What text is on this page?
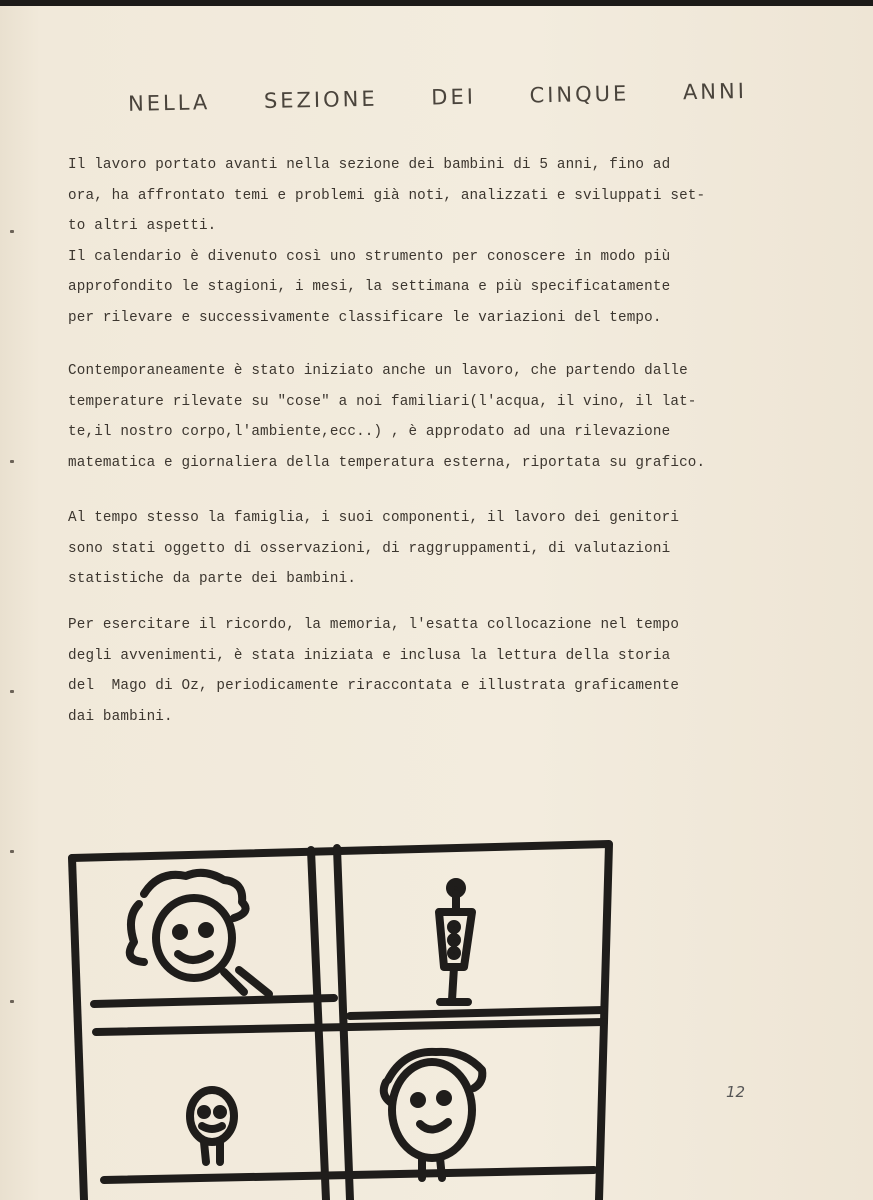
NELLA SEZIONE DEI CINQUE ANNI
Il lavoro portato avanti nella sezione dei bambini di 5 anni, fino ad
ora, ha affrontato temi e problemi già noti, analizzati e sviluppati set-
to altri aspetti.
Il calendario è divenuto così uno strumento per conoscere in modo più
approfondito le stagioni, i mesi, la settimana e più specificatamente
per rilevare e successivamente classificare le variazioni del tempo.
Contemporaneamente è stato iniziato anche un lavoro, che partendo dalle
temperature rilevate su "cose" a noi familiari(l'acqua, il vino, il lat-
te,il nostro corpo,l'ambiente,ecc..) , è approdato ad una rilevazione
matematica e giornaliera della temperatura esterna, riportata su grafico.
Al tempo stesso la famiglia, i suoi componenti, il lavoro dei genitori
sono stati oggetto di osservazioni, di raggruppamenti, di valutazioni
statistiche da parte dei bambini.
Per esercitare il ricordo, la memoria, l'esatta collocazione nel tempo
degli avvenimenti, è stata iniziata e inclusa la lettura della storia
del  Mago di Oz, periodicamente riraccontata e illustrata graficamente
dai bambini.
12
